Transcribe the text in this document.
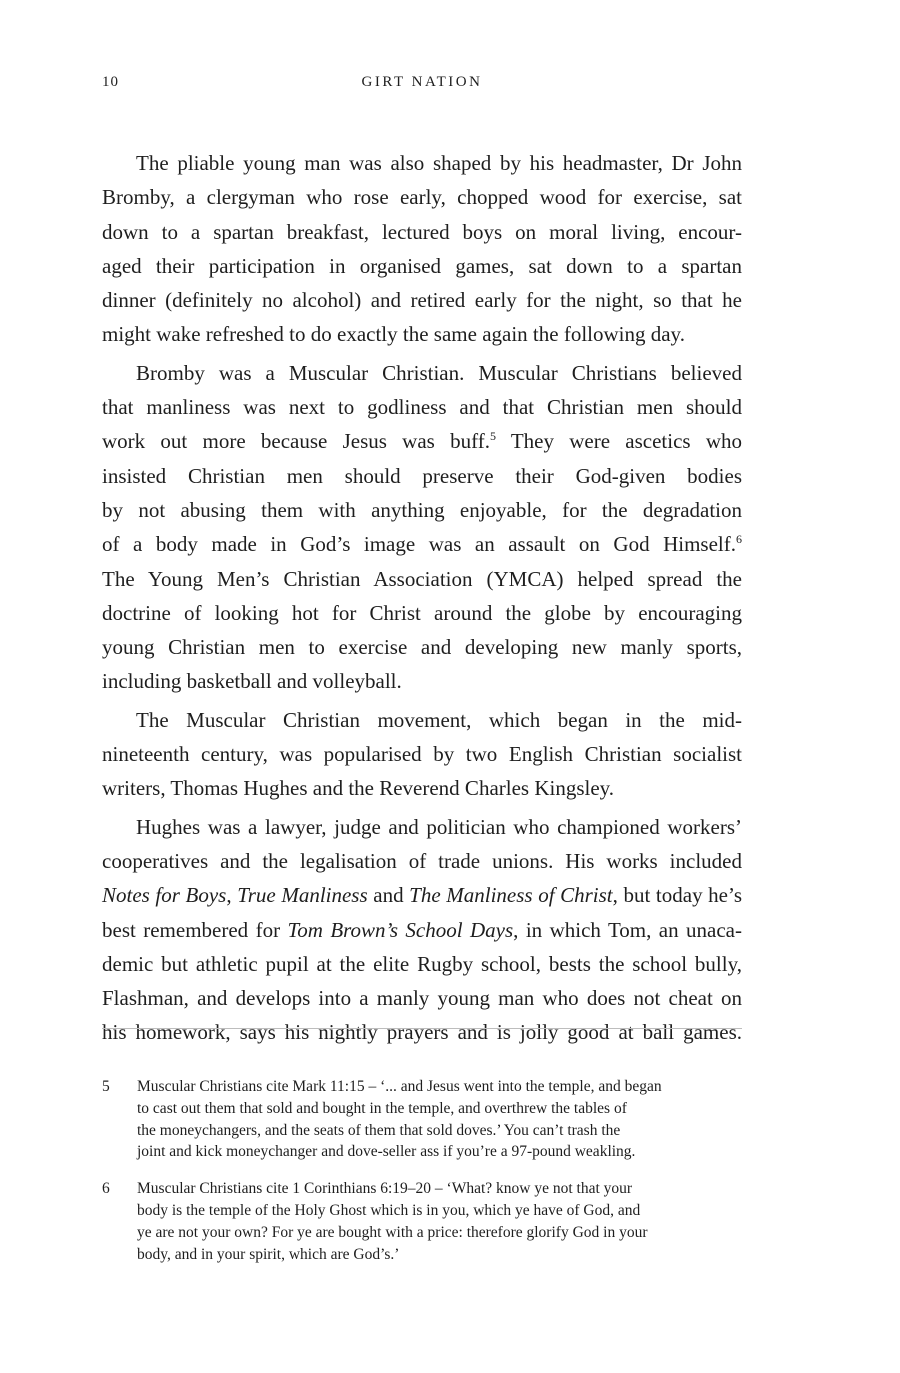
10	GIRT NATION

The pliable young man was also shaped by his headmaster, Dr John
Bromby, a clergyman who rose early, chopped wood for exercise, sat
down to a spartan breakfast, lectured boys on moral living, encour-
aged their participation in organised games, sat down to a spartan
dinner (definitely no alcohol) and retired early for the night, so that he
might wake refreshed to do exactly the same again the following day.

Bromby was a Muscular Christian. Muscular Christians believed
that manliness was next to godliness and that Christian men should
work out more because Jesus was buff.$^5$ They were ascetics who
insisted Christian men should preserve their God-given bodies
by not abusing them with anything enjoyable, for the degradation
of a body made in God’s image was an assault on God Himself.$^6$
The Young Men’s Christian Association (YMCA) helped spread the
doctrine of looking hot for Christ around the globe by encouraging
young Christian men to exercise and developing new manly sports,
including basketball and volleyball.

The Muscular Christian movement, which began in the mid-
nineteenth century, was popularised by two English Christian socialist
writers, Thomas Hughes and the Reverend Charles Kingsley.

Hughes was a lawyer, judge and politician who championed workers’
cooperatives and the legalisation of trade unions. His works included
Notes for Boys, True Manliness and The Manliness of Christ, but today he’s
best remembered for Tom Brown’s School Days, in which Tom, an unaca-
demic but athletic pupil at the elite Rugby school, bests the school bully,
Flashman, and develops into a manly young man who does not cheat on
his homework, says his nightly prayers and is jolly good at ball games.

5 Muscular Christians cite Mark 11:15 – ‘... and Jesus went into the temple, and began
to cast out them that sold and bought in the temple, and overthrew the tables of
the moneychangers, and the seats of them that sold doves.’ You can’t trash the
joint and kick moneychanger and dove-seller ass if you’re a 97-pound weakling.
6 Muscular Christians cite 1 Corinthians 6:19–20 – ‘What? know ye not that your
body is the temple of the Holy Ghost which is in you, which ye have of God, and
ye are not your own? For ye are bought with a price: therefore glorify God in your
body, and in your spirit, which are God’s.’
